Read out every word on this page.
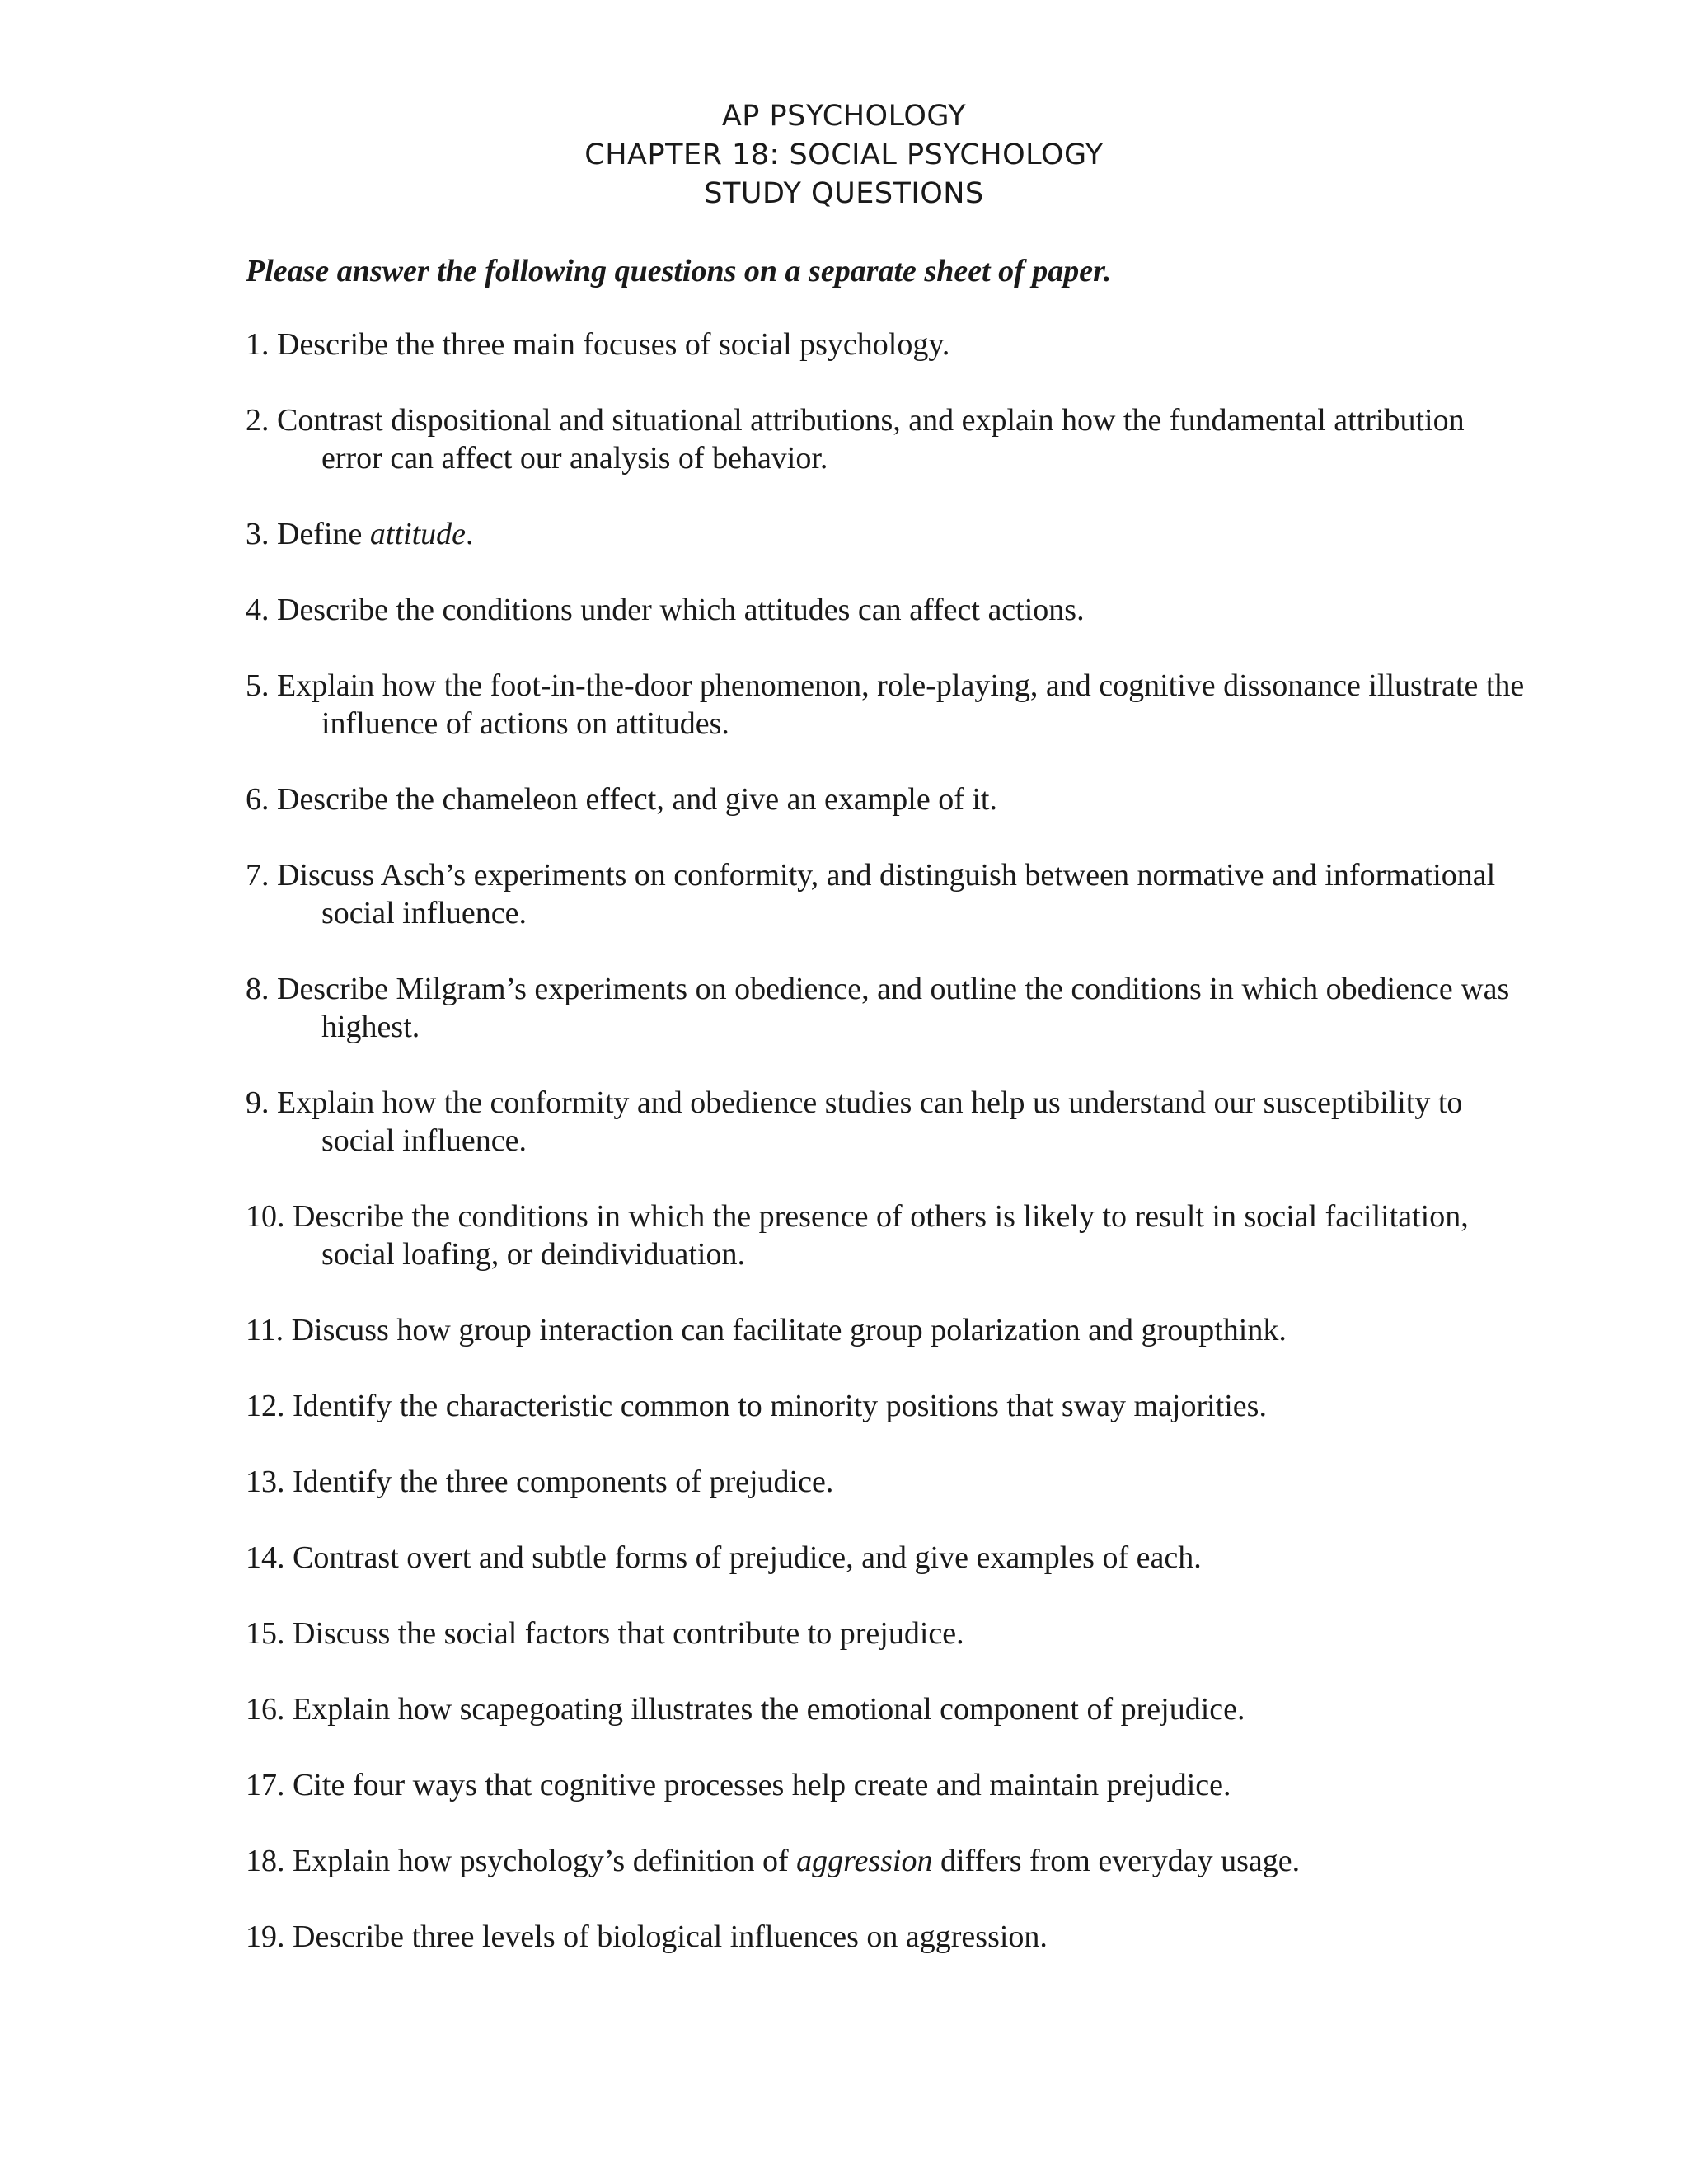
AP PSYCHOLOGY
CHAPTER 18: SOCIAL PSYCHOLOGY
STUDY QUESTIONS

Please answer the following questions on a separate sheet of paper.

1. Describe the three main focuses of social psychology.
2. Contrast dispositional and situational attributions, and explain how the fundamental attribution error can affect our analysis of behavior.
3. Define attitude.
4. Describe the conditions under which attitudes can affect actions.
5. Explain how the foot-in-the-door phenomenon, role-playing, and cognitive dissonance illustrate the influence of actions on attitudes.
6. Describe the chameleon effect, and give an example of it.
7. Discuss Asch’s experiments on conformity, and distinguish between normative and informational social influence.
8. Describe Milgram’s experiments on obedience, and outline the conditions in which obedience was highest.
9. Explain how the conformity and obedience studies can help us understand our susceptibility to social influence.
10. Describe the conditions in which the presence of others is likely to result in social facilitation, social loafing, or deindividuation.
11. Discuss how group interaction can facilitate group polarization and groupthink.
12. Identify the characteristic common to minority positions that sway majorities.
13. Identify the three components of prejudice.
14. Contrast overt and subtle forms of prejudice, and give examples of each.
15. Discuss the social factors that contribute to prejudice.
16. Explain how scapegoating illustrates the emotional component of prejudice.
17. Cite four ways that cognitive processes help create and maintain prejudice.
18. Explain how psychology’s definition of aggression differs from everyday usage.
19. Describe three levels of biological influences on aggression.
